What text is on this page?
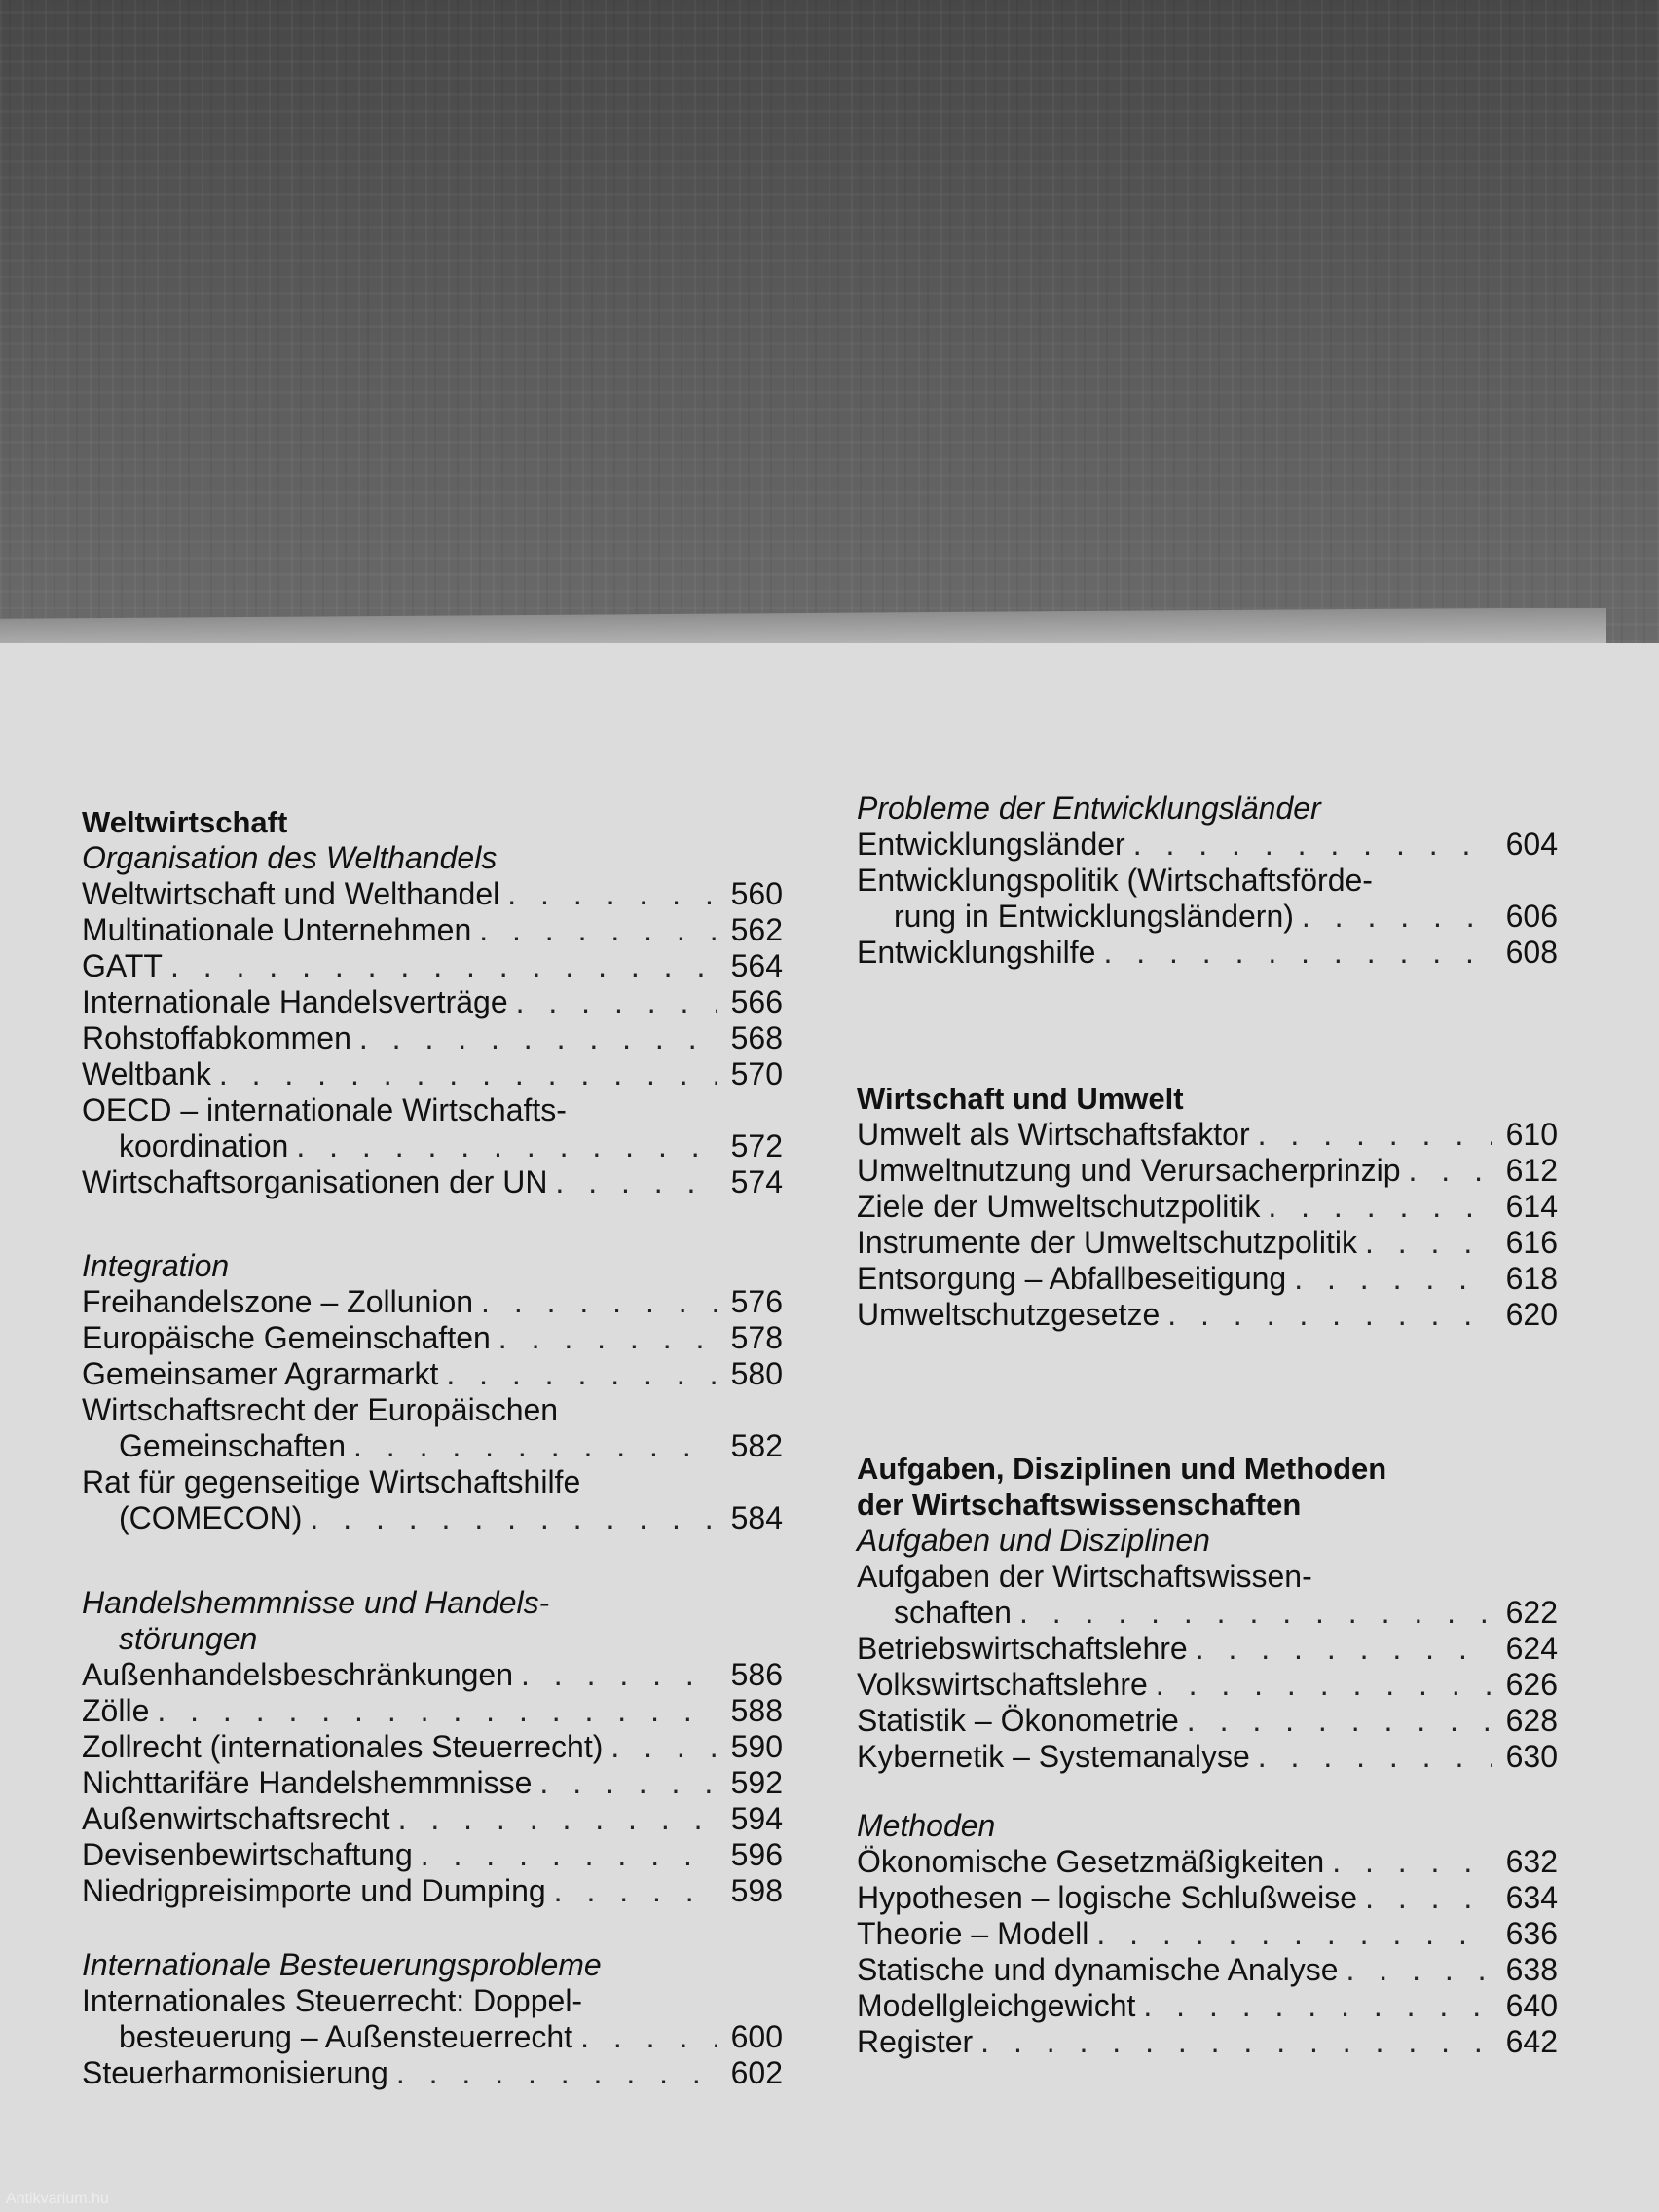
Weltwirtschaft
Organisation des Welthandels
Weltwirtschaft und Welthandel . . .	560
Multinationale Unternehmen . . .	562
GATT . . .	564
Internationale Handelsverträge . . .	566
Rohstoffabkommen . . .	568
Weltbank . . .	570
OECD – internationale Wirtschafts-
koordination . . .	572
Wirtschaftsorganisationen der UN . . .	574
Integration
Freihandelszone – Zollunion . . .	576
Europäische Gemeinschaften . . .	578
Gemeinsamer Agrarmarkt . . .	580
Wirtschaftsrecht der Europäischen
Gemeinschaften . . .	582
Rat für gegenseitige Wirtschaftshilfe
(COMECON) . . .	584
Handelshemmnisse und Handels-
störungen
Außenhandelsbeschränkungen . . .	586
Zölle . . .	588
Zollrecht (internationales Steuerrecht) . . .	590
Nichttarifäre Handelshemmnisse . . .	592
Außenwirtschaftsrecht . . .	594
Devisenbewirtschaftung . . .	596
Niedrigpreisimporte und Dumping . . .	598
Internationale Besteuerungsprobleme
Internationales Steuerrecht: Doppel-
besteuerung – Außensteuerrecht . . .	600
Steuerharmonisierung . . .	602
Probleme der Entwicklungsländer
Entwicklungsländer . . .	604
Entwicklungspolitik (Wirtschaftsförde-
rung in Entwicklungsländern) . . .	606
Entwicklungshilfe . . .	608
Wirtschaft und Umwelt
Umwelt als Wirtschaftsfaktor . . .	610
Umweltnutzung und Verursacherprinzip . . .	612
Ziele der Umweltschutzpolitik . . .	614
Instrumente der Umweltschutzpolitik . . .	616
Entsorgung – Abfallbeseitigung . . .	618
Umweltschutzgesetze . . .	620
Aufgaben, Disziplinen und Methoden
der Wirtschaftswissenschaften
Aufgaben und Disziplinen
Aufgaben der Wirtschaftswissen-
schaften . . .	622
Betriebswirtschaftslehre . . .	624
Volkswirtschaftslehre . . .	626
Statistik – Ökonometrie . . .	628
Kybernetik – Systemanalyse . . .	630
Methoden
Ökonomische Gesetzmäßigkeiten . . .	632
Hypothesen – logische Schlußweise . . .	634
Theorie – Modell . . .	636
Statische und dynamische Analyse . . .	638
Modellgleichgewicht . . .	640
Register . . .	642
Antikvarium.hu
